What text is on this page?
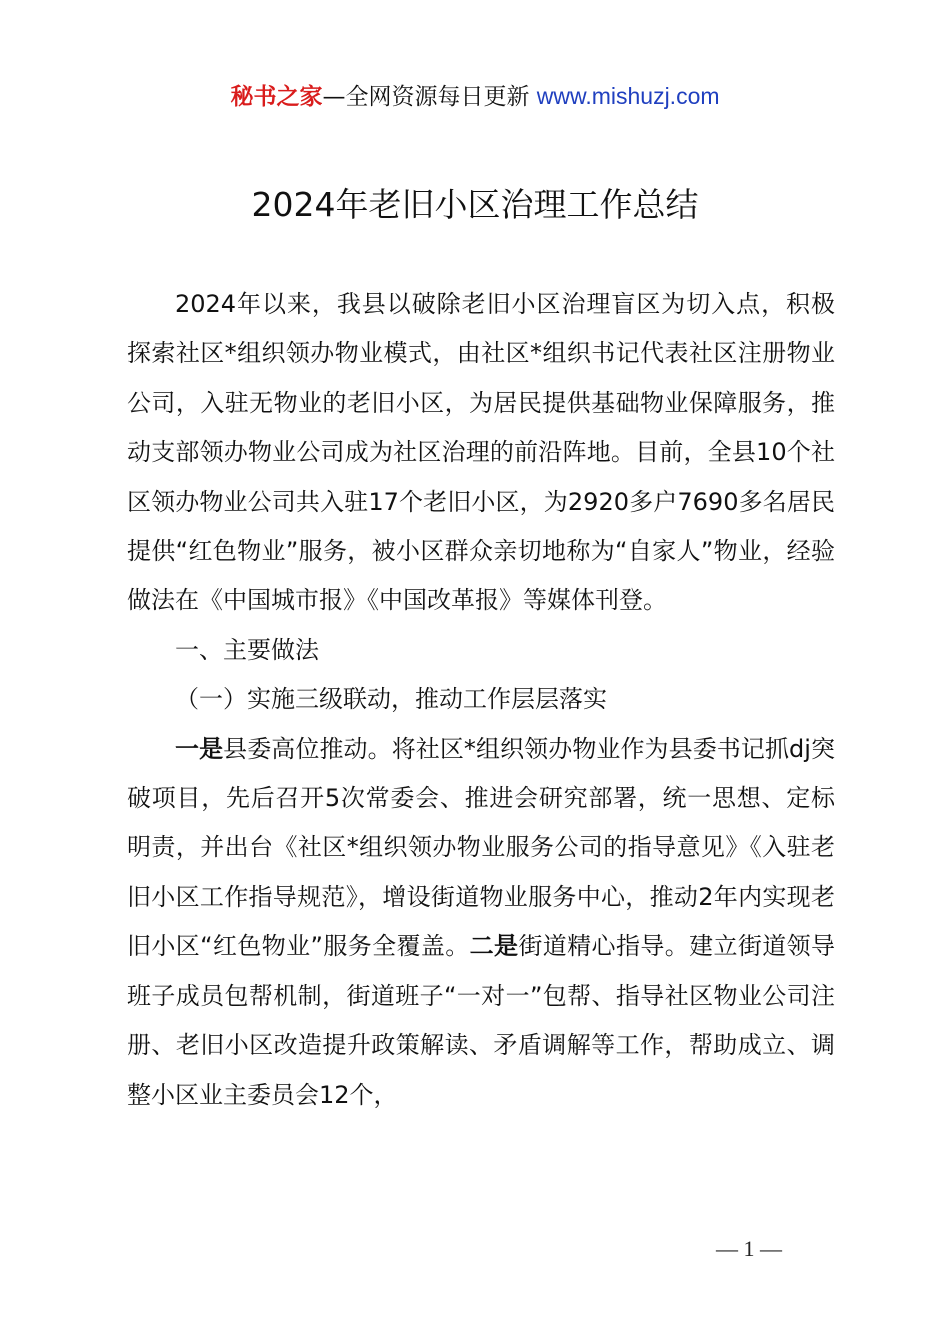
秘书之家—全网资源每日更新 www.mishuzj.com
2024年老旧小区治理工作总结

2024年以来，我县以破除老旧小区治理盲区为切入点，积极探索社区*组织领办物业模式，由社区*组织书记代表社区注册物业公司，入驻无物业的老旧小区，为居民提供基础物业保障服务，推动支部领办物业公司成为社区治理的前沿阵地。目前，全县10个社区领办物业公司共入驻17个老旧小区，为2920多户7690多名居民提供“红色物业”服务，被小区群众亲切地称为“自家人”物业，经验做法在《中国城市报》《中国改革报》等媒体刊登。

一、主要做法

（一）实施三级联动，推动工作层层落实

一是县委高位推动。将社区*组织领办物业作为县委书记抓dj突破项目，先后召开5次常委会、推进会研究部署，统一思想、定标明责，并出台《社区*组织领办物业服务公司的指导意见》《入驻老旧小区工作指导规范》，增设街道物业服务中心，推动2年内实现老旧小区“红色物业”服务全覆盖。二是街道精心指导。建立街道领导班子成员包帮机制，街道班子“一对一”包帮、指导社区物业公司注册、老旧小区改造提升政策解读、矛盾调解等工作，帮助成立、调整小区业主委员会12个，

— 1 —
